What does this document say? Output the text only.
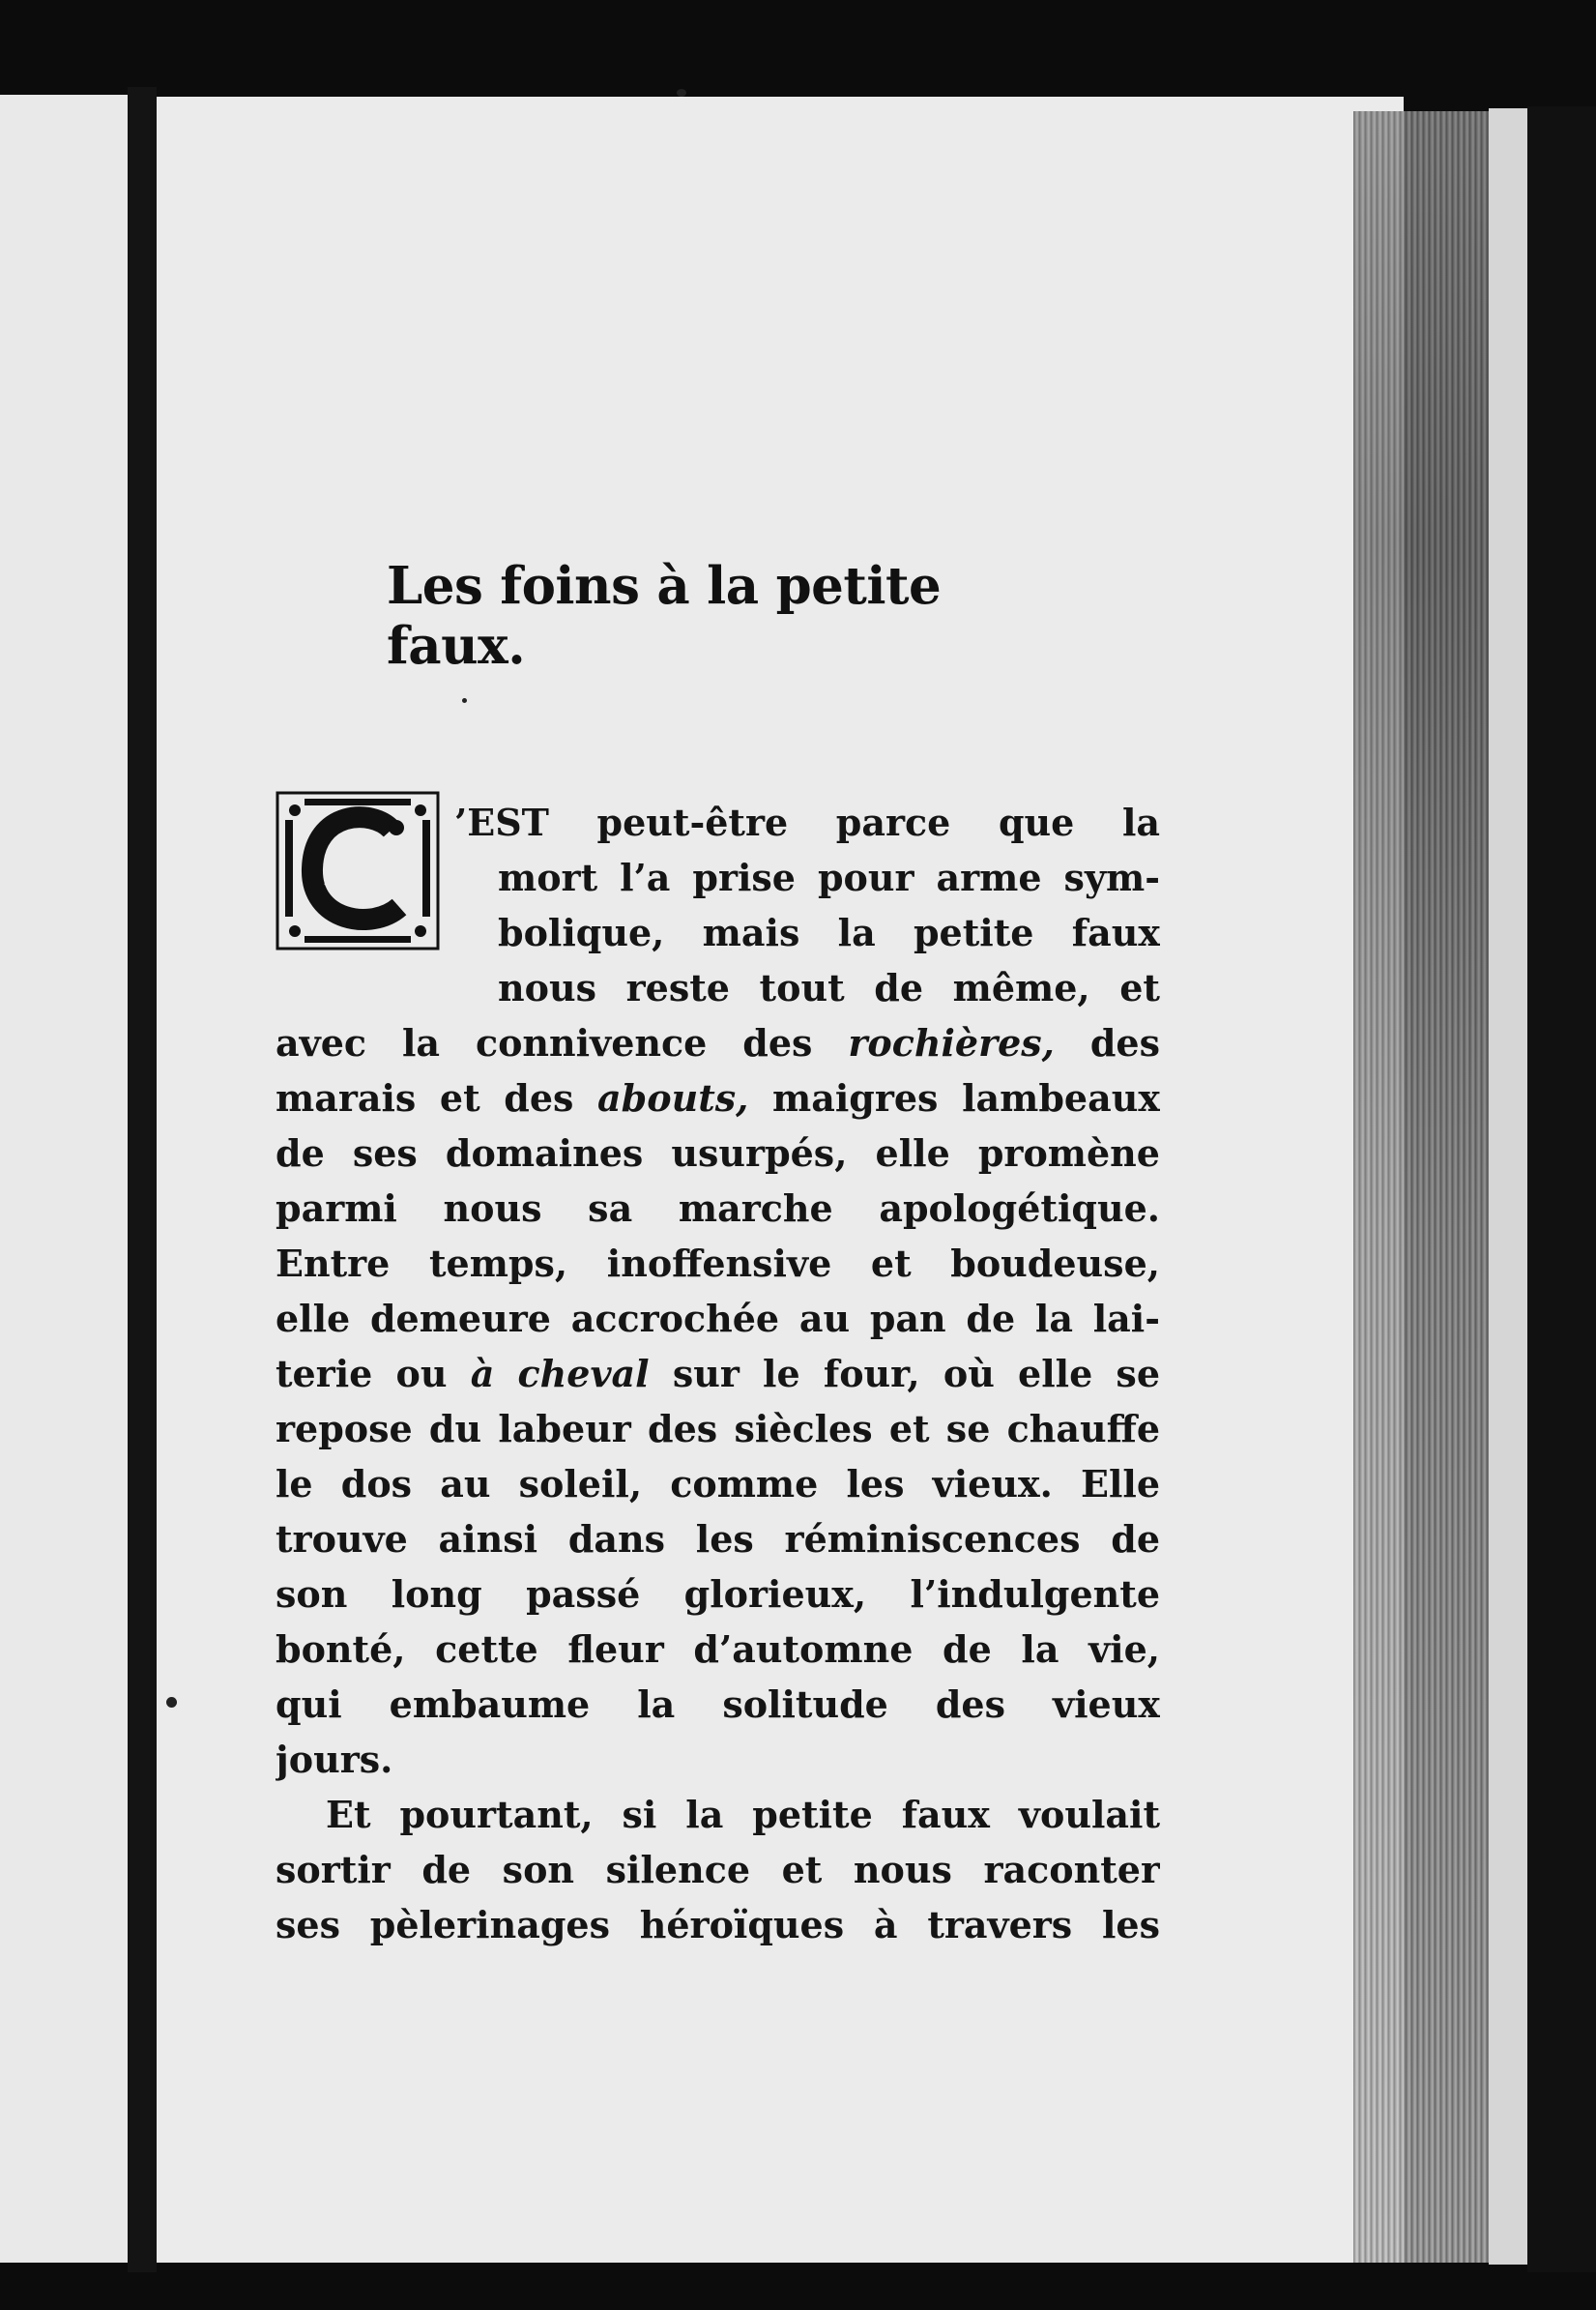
Les foins à la petite faux.
’EST peut-être parce que la
mort l’a prise pour arme sym-
bolique, mais la petite faux
nous reste tout de même, et
avec la connivence des rochières, des
marais et des abouts, maigres lambeaux
de ses domaines usurpés, elle promène
parmi nous sa marche apologétique.
Entre temps, inoffensive et boudeuse,
elle demeure accrochée au pan de la lai-
terie ou à cheval sur le four, où elle se
repose du labeur des siècles et se chauffe
le dos au soleil, comme les vieux. Elle
trouve ainsi dans les réminiscences de
son long passé glorieux, l’indulgente
bonté, cette fleur d’automne de la vie,
qui embaume la solitude des vieux
jours.
Et pourtant, si la petite faux voulait
sortir de son silence et nous raconter
ses pèlerinages héroïques à travers les
